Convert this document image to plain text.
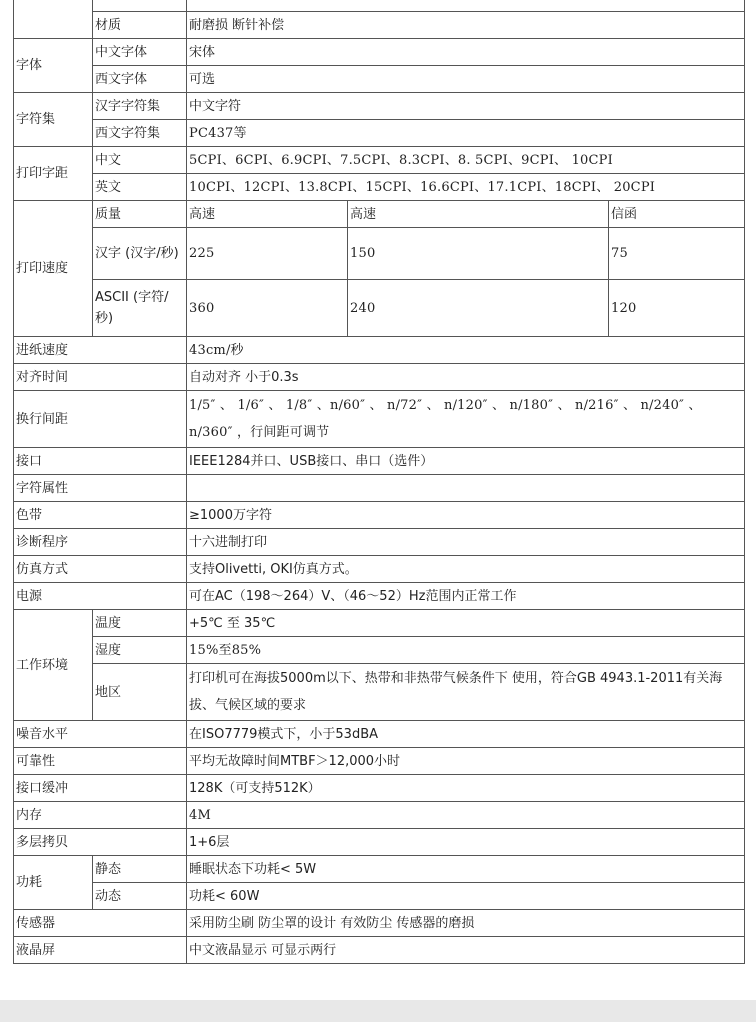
	材质	耐磨损 断针补偿		
字体	中文字体	宋体		
	西文字体	可选		
字符集	汉字字符集	中文字符		
	西文字符集	PC437等		
打印字距	中文	5CPI、6CPI、6.9CPI、7.5CPI、8.3CPI、8. 5CPI、9CPI、 10CPI		
	英文	10CPI、12CPI、13.8CPI、15CPI、16.6CPI、17.1CPI、18CPI、 20CPI		
打印速度	质量	高速	高速	信函
	汉字 (汉字/秒)	225	150	75
	ASCII (字符/秒)	360	240	120
进纸速度		43cm/秒		
对齐时间		自动对齐 小于0.3s		
换行间距		1/5″ 、 1/6″ 、 1/8″ 、n/60″ 、 n/72″ 、 n/120″ 、 n/180″ 、 n/216″ 、 n/240″ 、 n/360″ ，行间距可调节		
接口		IEEE1284并口、USB接口、串口（选件）		
字符属性				
色带		≥1000万字符		
诊断程序		十六进制打印		
仿真方式		支持Olivetti, OKI仿真方式。		
电源		可在AC（198～264）V、（46～52）Hz范围内正常工作		
工作环境	温度	+5℃ 至 35℃		
	湿度	15%至85%		
	地区	打印机可在海拔5000m以下、热带和非热带气候条件下 使用，符合GB 4943.1-2011有关海拔、气候区域的要求		
噪音水平		在ISO7779模式下，小于53dBA		
可靠性		平均无故障时间MTBF＞12,000小时		
接口缓冲		128K（可支持512K）		
内存		4M		
多层拷贝		1+6层		
功耗	静态	睡眠状态下功耗< 5W		
	动态	功耗< 60W		
传感器		采用防尘刷 防尘罩的设计 有效防尘 传感器的磨损		
液晶屏		中文液晶显示 可显示两行		
